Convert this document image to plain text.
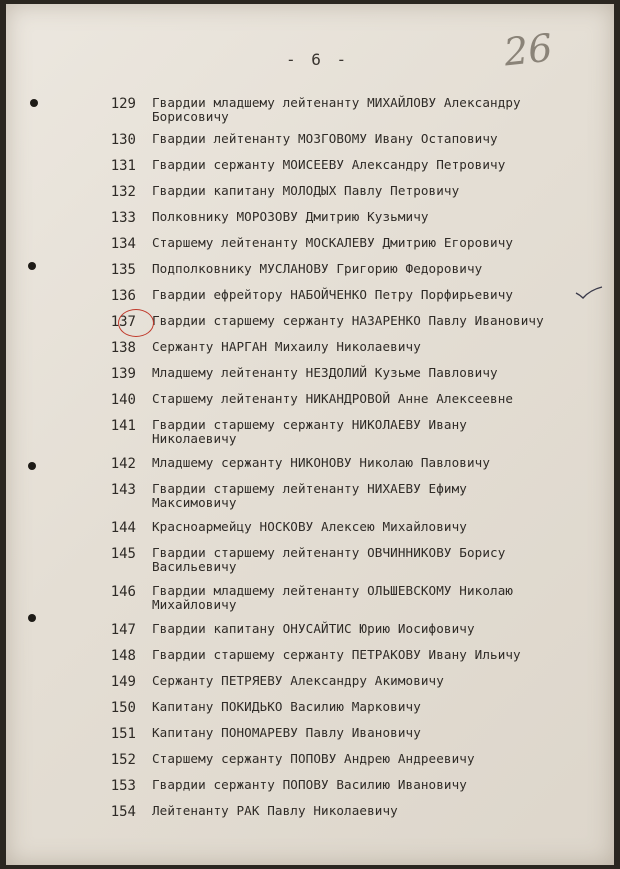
- 6 -	26
129	Гвардии младшему лейтенанту МИХАЙЛОВУ Александру
Борисовичу
130	Гвардии лейтенанту МОЗГОВОМУ Ивану Остаповичу
131	Гвардии сержанту МОИСЕЕВУ Александру Петровичу
132	Гвардии капитану МОЛОДЫХ Павлу Петровичу
133	Полковнику МОРОЗОВУ Дмитрию Кузьмичу
134	Старшему лейтенанту МОСКАЛЕВУ Дмитрию Егоровичу
135	Подполковнику МУСЛАНОВУ Григорию Федоровичу
136	Гвардии ефрейтору НАБОЙЧЕНКО Петру Порфирьевичу
137	Гвардии старшему сержанту НАЗАРЕНКО Павлу Ивановичу
138	Сержанту НАРГАН Михаилу Николаевичу
139	Младшему лейтенанту НЕЗДОЛИЙ Кузьме Павловичу
140	Старшему лейтенанту НИКАНДРОВОЙ Анне Алексеевне
141	Гвардии старшему сержанту НИКОЛАЕВУ Ивану
Николаевичу
142	Младшему сержанту НИКОНОВУ Николаю Павловичу
143	Гвардии старшему лейтенанту НИХАЕВУ Ефиму
Максимовичу
144	Красноармейцу НОСКОВУ Алексею Михайловичу
145	Гвардии старшему лейтенанту ОВЧИННИКОВУ Борису
Васильевичу
146	Гвардии младшему лейтенанту ОЛЬШЕВСКОМУ Николаю
Михайловичу
147	Гвардии капитану ОНУСАЙТИС Юрию Иосифовичу
148	Гвардии старшему сержанту ПЕТРАКОВУ Ивану Ильичу
149	Сержанту ПЕТРЯЕВУ Александру Акимовичу
150	Капитану ПОКИДЬКО Василию Марковичу
151	Капитану ПОНОМАРЕВУ Павлу Ивановичу
152	Старшему сержанту ПОПОВУ Андрею Андреевичу
153	Гвардии сержанту ПОПОВУ Василию Ивановичу
154	Лейтенанту РАК Павлу Николаевичу
